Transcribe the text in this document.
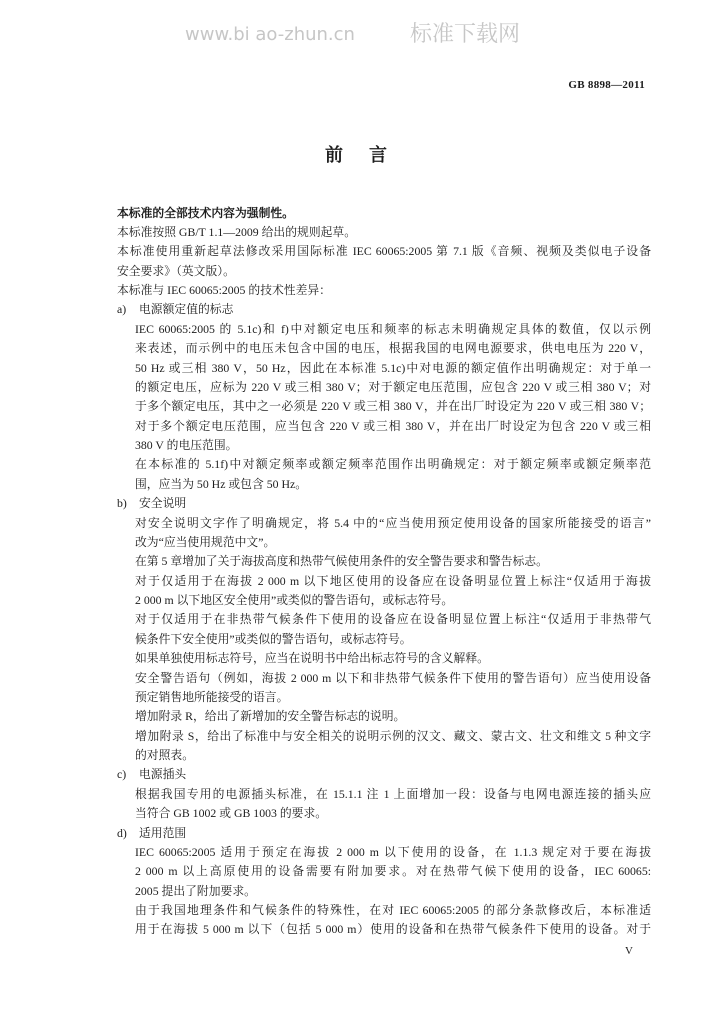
www.bi ao-zhun.cn	标准下载网
GB 8898—2011
前　言
本标准的全部技术内容为强制性。
本标准按照 GB/T 1.1—2009 给出的规则起草。
本标准使用重新起草法修改采用国际标准 IEC 60065:2005 第 7.1 版《音频、视频及类似电子设备
安全要求》（英文版）。
本标准与 IEC 60065:2005 的技术性差异：
a) 电源额定值的标志
IEC 60065:2005 的 5.1c)和 f)中对额定电压和频率的标志未明确规定具体的数值，仅以示例
来表述，而示例中的电压未包含中国的电压，根据我国的电网电源要求，供电电压为 220 V，
50 Hz 或三相 380 V，50 Hz，因此在本标准 5.1c)中对电源的额定值作出明确规定：对于单一
的额定电压，应标为 220 V 或三相 380 V；对于额定电压范围，应包含 220 V 或三相 380 V；对
于多个额定电压，其中之一必须是 220 V 或三相 380 V，并在出厂时设定为 220 V 或三相 380 V；
对于多个额定电压范围，应当包含 220 V 或三相 380 V，并在出厂时设定为包含 220 V 或三相
380 V 的电压范围。
在本标准的 5.1f)中对额定频率或额定频率范围作出明确规定：对于额定频率或额定频率范
围，应当为 50 Hz 或包含 50 Hz。
b) 安全说明
对安全说明文字作了明确规定，将 5.4 中的“应当使用预定使用设备的国家所能接受的语言”
改为“应当使用规范中文”。
在第 5 章增加了关于海拔高度和热带气候使用条件的安全警告要求和警告标志。
对于仅适用于在海拔 2 000 m 以下地区使用的设备应在设备明显位置上标注“仅适用于海拔
2 000 m 以下地区安全使用”或类似的警告语句，或标志符号。
对于仅适用于在非热带气候条件下使用的设备应在设备明显位置上标注“仅适用于非热带气
候条件下安全使用”或类似的警告语句，或标志符号。
如果单独使用标志符号，应当在说明书中给出标志符号的含义解释。
安全警告语句（例如，海拔 2 000 m 以下和非热带气候条件下使用的警告语句）应当使用设备
预定销售地所能接受的语言。
增加附录 R，给出了新增加的安全警告标志的说明。
增加附录 S，给出了标准中与安全相关的说明示例的汉文、藏文、蒙古文、壮文和维文 5 种文字
的对照表。
c) 电源插头
根据我国专用的电源插头标准，在 15.1.1 注 1 上面增加一段：设备与电网电源连接的插头应
当符合 GB 1002 或 GB 1003 的要求。
d) 适用范围
IEC 60065:2005 适用于预定在海拔 2 000 m 以下使用的设备，在 1.1.3 规定对于要在海拔
2 000 m 以上高原使用的设备需要有附加要求。对在热带气候下使用的设备，IEC 60065:
2005 提出了附加要求。
由于我国地理条件和气候条件的特殊性，在对 IEC 60065:2005 的部分条款修改后，本标准适
用于在海拔 5 000 m 以下（包括 5 000 m）使用的设备和在热带气候条件下使用的设备。对于
V
